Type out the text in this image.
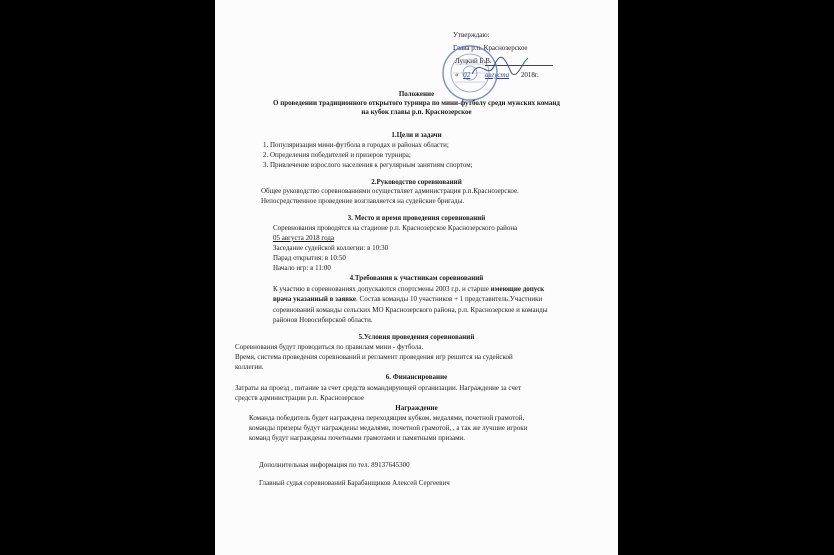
Утверждаю:
Глава р.п. Краснозерское
Луцкий Б.В.
« 02 августа 2018г.
Положение
О проведении традиционного открытого турнира по мини-футболу среди мужских команд
на кубок главы р.п. Краснозерское
1.Цели и задачи
1. Популяризация мини-футбола в городах и районах области;
2. Определения победителей и призеров турнира;
3. Привлечение взрослого населения к регулярным занятиям спортом;
2.Руководство соревнований
Общее руководство соревнованиями осуществляет администрация р.п.Краснозерское.
Непосредственное проведение возглавляется на судейские бригады.
3. Место и время проведения соревнований
Соревнования проводятся на стадионе р.п. Краснозерское Краснозерского района
05 августа 2018 года
Заседание судейской коллегии: в 10:30
Парад открытия: в 10:50
Начало игр: в 11:00
4.Требования к участникам соревнований
К участию в соревнованиях допускаются спортсмены 2003 г.р. и старше имеющие допуск
врача указанный в заявке. Состав команды 10 участников + 1 представитель.Участники
соревнований команды сельских МО Краснозерского района, р.п. Краснозерское и команды
районов Новосибирской области.
5.Условия проведения соревнований
Соревнования будут проводиться по правилам мини - футбола.
Время, система проведения соревнований и регламент проведения игр решится на судейской
коллегии.
6. Финансирование
Затраты на проезд , питание за счет средств командирующей организации. Награждение за счет
средств администрации р.п. Краснозерское
Награждение
Команда победитель будет награждена переходящим кубком, медалями, почетной грамотой,
команды призеры будут награждены медалями, почетной грамотой, , а так же лучшие игроки
команд будут награждены почетными грамотами и памятными призами.
Дополнительная информация по тел. 89137645300
Главный судья соревнований Барабанщиков Алексей Сергеевич
